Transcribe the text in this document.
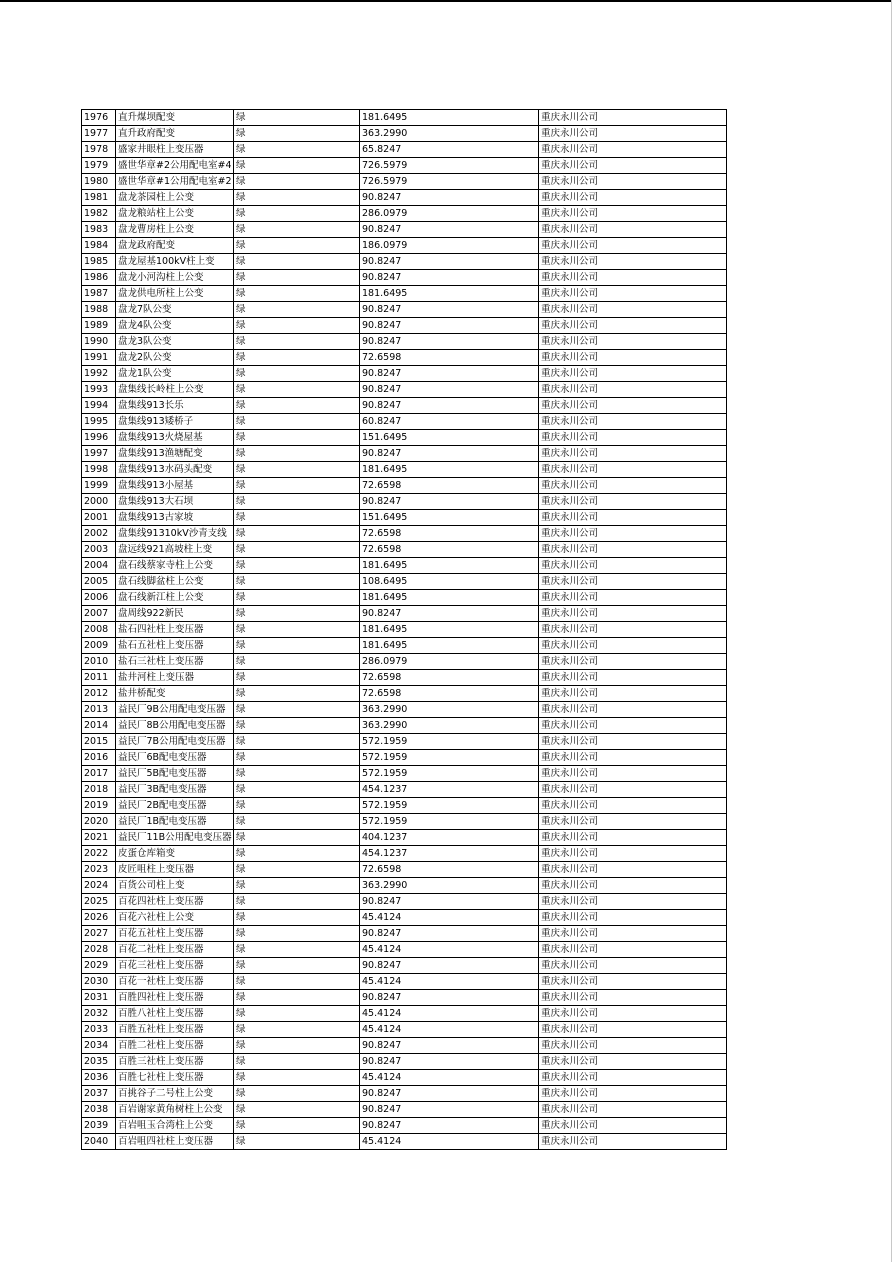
1976	直升煤坝配变	绿	181.6495	重庆永川公司
1977	直升政府配变	绿	363.2990	重庆永川公司
1978	盛家井眼柱上变压器	绿	65.8247	重庆永川公司
1979	盛世华章#2公用配电室#4	绿	726.5979	重庆永川公司
1980	盛世华章#1公用配电室#2	绿	726.5979	重庆永川公司
1981	盘龙茶园柱上公变	绿	90.8247	重庆永川公司
1982	盘龙粮站柱上公变	绿	286.0979	重庆永川公司
1983	盘龙曹房柱上公变	绿	90.8247	重庆永川公司
1984	盘龙政府配变	绿	186.0979	重庆永川公司
1985	盘龙屋基100kV柱上变	绿	90.8247	重庆永川公司
1986	盘龙小河沟柱上公变	绿	90.8247	重庆永川公司
1987	盘龙供电所柱上公变	绿	181.6495	重庆永川公司
1988	盘龙7队公变	绿	90.8247	重庆永川公司
1989	盘龙4队公变	绿	90.8247	重庆永川公司
1990	盘龙3队公变	绿	90.8247	重庆永川公司
1991	盘龙2队公变	绿	72.6598	重庆永川公司
1992	盘龙1队公变	绿	90.8247	重庆永川公司
1993	盘集线长岭柱上公变	绿	90.8247	重庆永川公司
1994	盘集线913长乐	绿	90.8247	重庆永川公司
1995	盘集线913矮桥子	绿	60.8247	重庆永川公司
1996	盘集线913火烧屋基	绿	151.6495	重庆永川公司
1997	盘集线913渔塘配变	绿	90.8247	重庆永川公司
1998	盘集线913水码头配变	绿	181.6495	重庆永川公司
1999	盘集线913小屋基	绿	72.6598	重庆永川公司
2000	盘集线913大石坝	绿	90.8247	重庆永川公司
2001	盘集线913古家坡	绿	151.6495	重庆永川公司
2002	盘集线91310kV沙青支线	绿	72.6598	重庆永川公司
2003	盘远线921高坡柱上变	绿	72.6598	重庆永川公司
2004	盘石线蔡家寺柱上公变	绿	181.6495	重庆永川公司
2005	盘石线脚盆柱上公变	绿	108.6495	重庆永川公司
2006	盘石线新江柱上公变	绿	181.6495	重庆永川公司
2007	盘周线922新民	绿	90.8247	重庆永川公司
2008	盐石四社柱上变压器	绿	181.6495	重庆永川公司
2009	盐石五社柱上变压器	绿	181.6495	重庆永川公司
2010	盐石三社柱上变压器	绿	286.0979	重庆永川公司
2011	盐井河柱上变压器	绿	72.6598	重庆永川公司
2012	盐井桥配变	绿	72.6598	重庆永川公司
2013	益民厂9B公用配电变压器	绿	363.2990	重庆永川公司
2014	益民厂8B公用配电变压器	绿	363.2990	重庆永川公司
2015	益民厂7B公用配电变压器	绿	572.1959	重庆永川公司
2016	益民厂6B配电变压器	绿	572.1959	重庆永川公司
2017	益民厂5B配电变压器	绿	572.1959	重庆永川公司
2018	益民厂3B配电变压器	绿	454.1237	重庆永川公司
2019	益民厂2B配电变压器	绿	572.1959	重庆永川公司
2020	益民厂1B配电变压器	绿	572.1959	重庆永川公司
2021	益民厂11B公用配电变压器	绿	404.1237	重庆永川公司
2022	皮蛋仓库箱变	绿	454.1237	重庆永川公司
2023	皮匠咀柱上变压器	绿	72.6598	重庆永川公司
2024	百货公司柱上变	绿	363.2990	重庆永川公司
2025	百花四社柱上变压器	绿	90.8247	重庆永川公司
2026	百花六社柱上公变	绿	45.4124	重庆永川公司
2027	百花五社柱上变压器	绿	90.8247	重庆永川公司
2028	百花二社柱上变压器	绿	45.4124	重庆永川公司
2029	百花三社柱上变压器	绿	90.8247	重庆永川公司
2030	百花一社柱上变压器	绿	45.4124	重庆永川公司
2031	百胜四社柱上变压器	绿	90.8247	重庆永川公司
2032	百胜八社柱上变压器	绿	45.4124	重庆永川公司
2033	百胜五社柱上变压器	绿	45.4124	重庆永川公司
2034	百胜二社柱上变压器	绿	90.8247	重庆永川公司
2035	百胜三社柱上变压器	绿	90.8247	重庆永川公司
2036	百胜七社柱上变压器	绿	45.4124	重庆永川公司
2037	百挑谷子二号柱上公变	绿	90.8247	重庆永川公司
2038	百岩谢家黄角树柱上公变	绿	90.8247	重庆永川公司
2039	百岩咀玉合湾柱上公变	绿	90.8247	重庆永川公司
2040	百岩咀四社柱上变压器	绿	45.4124	重庆永川公司
